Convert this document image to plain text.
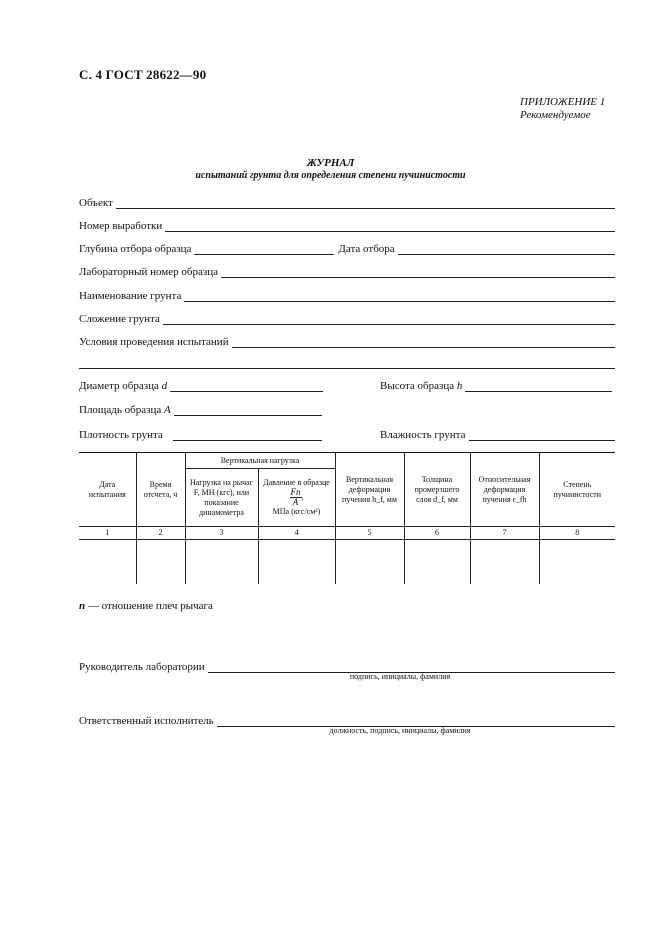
С. 4 ГОСТ 28622—90
ПРИЛОЖЕНИЕ 1
Рекомендуемое
ЖУРНАЛ
испытаний грунта для определения степени пучинистости
Объект
Номер выработки
Глубина отбора образца	Дата отбора
Лабораторный номер образца
Наименование грунта
Сложение грунта
Условия проведения испытаний
Диаметр образца d	Высота образца h
Площадь образца A
Плотность грунта	Влажность грунта
Дата испытания	Время отсчета, ч	Вертикальная нагрузка		Вертикальная деформация пучения h_f, мм	Толщина промерзшего слоя d_f, мм	Относительная деформация пучения ε_fh	Степень пучинистости
		Нагрузка на рычаг F, МН (кгс), или показание динамометра	Давление в образце

$\frac{Fn}{A}$ ,
МПа (кгс/см²)				
1	2	3	4	5	6	7	8

n — отношение плеч рычага
Руководитель лаборатории
подпись, инициалы, фамилия
Ответственный исполнитель
должность, подпись, инициалы, фамилия
